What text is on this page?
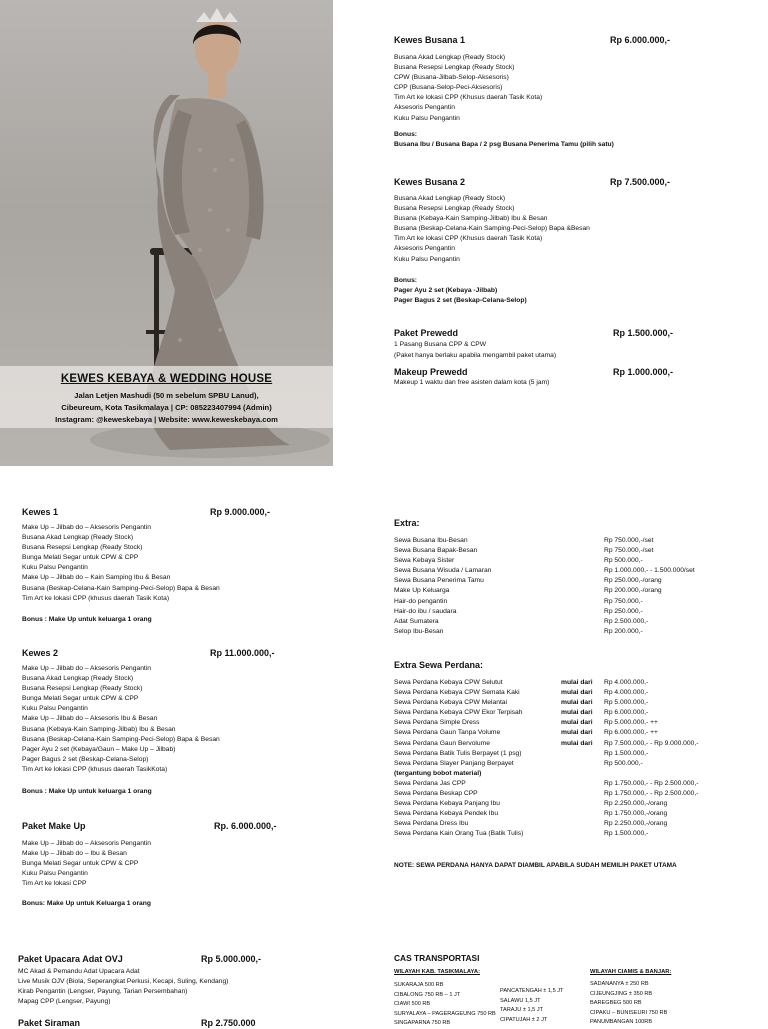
KEWES KEBAYA & WEDDING HOUSE
Jalan Letjen Mashudi (50 m sebelum SPBU Lanud),
Cibeureum, Kota Tasikmalaya | CP: 085223407994 (Admin)
Instagram: @keweskebaya | Website: www.keweskebaya.com
Kewes Busana 1	Rp 6.000.000,-
Busana Akad Lengkap (Ready Stock)
Busana Resepsi Lengkap (Ready Stock)
CPW (Busana-Jilbab-Selop-Aksesoris)
CPP (Busana-Selop-Peci-Aksesoris)
Tim Art ke lokasi CPP (Khusus daerah Tasik Kota)
Aksesoris Pengantin
Kuku Palsu Pengantin
Bonus:
Busana Ibu / Busana Bapa / 2 psg Busana Penerima Tamu (pilih satu)
Kewes Busana 2	Rp 7.500.000,-
Busana Akad Lengkap (Ready Stock)
Busana Resepsi Lengkap (Ready Stock)
Busana (Kebaya-Kain Samping-Jilbab) Ibu & Besan
Busana (Beskap-Celana-Kain Samping-Peci-Selop) Bapa &Besan
Tim Art ke lokasi CPP (Khusus daerah Tasik Kota)
Aksesoris Pengantin
Kuku Palsu Pengantin
Bonus:
Pager Ayu 2 set (Kebaya -Jilbab)
Pager Bagus 2 set (Beskap-Celana-Selop)
Paket Prewedd	Rp 1.500.000,-
1 Pasang Busana CPP & CPW
(Paket hanya berlaku apabila mengambil paket utama)
Makeup Prewedd	Rp 1.000.000,-
Makeup 1 waktu dan free asisten dalam kota (5 jam)
Kewes 1	Rp 9.000.000,-
Make Up – Jilbab do – Aksesoris Pengantin
Busana Akad Lengkap (Ready Stock)
Busana Resepsi Lengkap (Ready Stock)
Bunga Melati Segar untuk CPW & CPP
Kuku Palsu Pengantin
Make Up – Jilbab do – Kain Samping Ibu & Besan
Busana (Beskap-Celana-Kain Samping-Peci-Selop) Bapa & Besan
Tim Art ke lokasi CPP (khusus daerah Tasik Kota)
Bonus : Make Up untuk keluarga 1 orang
Kewes 2	Rp 11.000.000,-
Make Up – Jilbab do – Aksesoris Pengantin
Busana Akad Lengkap (Ready Stock)
Busana Resepsi Lengkap (Ready Stock)
Bunga Melati Segar untuk CPW & CPP
Kuku Palsu Pengantin
Make Up – Jilbab do – Aksesoris Ibu & Besan
Busana (Kebaya-Kain Samping-Jilbab) Ibu & Besan
Busana (Beskap-Celana-Kain Samping-Peci-Selop) Bapa & Besan
Pager Ayu 2 set (Kebaya/Gaun – Make Up – Jilbab)
Pager Bagus 2 set (Beskap-Celana-Selop)
Tim Art ke lokasi CPP (khusus daerah TasikKota)
Bonus : Make Up untuk keluarga 1 orang
Paket Make Up	Rp. 6.000.000,-
Make Up – Jilbab do – Aksesoris Pengantin
Make Up – Jilbab do – Ibu & Besan
Bunga Melati Segar untuk CPW & CPP
Kuku Palsu Pengantin
Tim Art ke lokasi CPP
Bonus: Make Up untuk Keluarga 1 orang
Paket Upacara Adat OVJ	Rp 5.000.000,-
MC Akad & Pemandu Adat Upacara Adat
Live Musik OJV (Biola, Seperangkat Perkusi, Kecapi, Suling, Kendang)
Kirab Pengantin (Lengser, Payung, Tarian Persembahan)
Mapag CPP (Lengser, Payung)
Paket Siraman	Rp 2.750.000
Extra:
Sewa Busana Ibu-Besan	Rp 750.000,-/set
Sewa Busana Bapak-Besan	Rp 750.000,-/set
Sewa Kebaya Sister	Rp 500.000,-
Sewa Busana Wisuda / Lamaran	Rp 1.000.000,- - 1.500.000/set
Sewa Busana Penerima Tamu	Rp 250.000,-/orang
Make Up Keluarga	Rp 200.000,-/orang
Hair-do pengantin	Rp 750.000,-
Hair-do ibu / saudara	Rp 250.000,-
Adat Sumatera	Rp 2.500.000,-
Selop Ibu-Besan	Rp 200.000,-
Extra Sewa Perdana:
Sewa Perdana Kebaya CPW Selutut	mulai dari Rp 4.000.000,-
Sewa Perdana Kebaya CPW Semata Kaki	mulai dari Rp 4.000.000,-
Sewa Perdana Kebaya CPW Melantai	mulai dari Rp 5.000.000,-
Sewa Perdana Kebaya CPW Ekor Terpisah	mulai dari Rp 6.000.000,-
Sewa Perdana Simple Dress	mulai dari Rp 5.000.000,- ++
Sewa Perdana Gaun Tanpa Volume	mulai dari Rp 6.000.000,- ++
Sewa Perdana Gaun Bervolume	mulai dari Rp 7.500.000,- - Rp 9.000.000,-
Sewa Perdana Batik Tulis Berpayet (1 psg)	Rp 1.500.000,-
Sewa Perdana Slayer Panjang Berpayet	Rp 500.000,-
(tergantung bobot material)
Sewa Perdana Jas CPP	Rp 1.750.000,- - Rp 2.500.000,-
Sewa Perdana Beskap CPP	Rp 1.750.000,- - Rp 2.500.000,-
Sewa Perdana Kebaya Panjang Ibu	Rp 2.250.000,-/orang
Sewa Perdana Kebaya Pendek Ibu	Rp 1.750.000,-/orang
Sewa Perdana Dress Ibu	Rp 2.250.000,-/orang
Sewa Perdana Kain Orang Tua (Batik Tulis)	Rp 1.500.000,-
NOTE: SEWA PERDANA HANYA DAPAT DIAMBIL APABILA SUDAH MEMILIH PAKET UTAMA
CAS TRANSPORTASI
WILAYAH KAB. TASIKMALAYA:
SUKARAJA 500 RB
CIBALONG 750 RB – 1 JT
CIAWI 500 RB
SURYALAYA – PAGERAGEUNG 750 RB
SINGAPARNA 750 RB
PANCATENGAH ± 1,5 JT
SALAWU 1,5 JT
TARAJU ± 1,5 JT
CIPATUJAH ± 2 JT
WILAYAH CIAMIS & BANJAR:
SADANANYA ± 250 RB
CIJEUNGJING ± 350 RB
BAREGBEG 500 RB
CIPAKU – BUNISEURI 750 RB
PANUMBANGAN 100RB
